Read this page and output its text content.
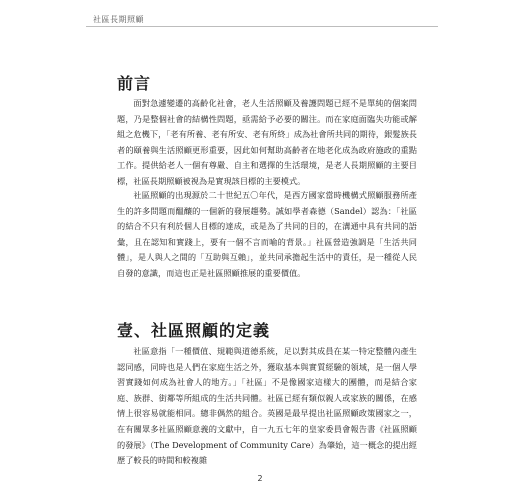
社區長期照顧
前言

面對急遽變遷的高齡化社會，老人生活照顧及養護問題已經不是單純的個案問題，乃是整個社會的結構性問題，亟需給予必要的關注。而在家庭面臨失功能或解組之危機下，「老有所養、老有所安、老有所終」成為社會所共同的期待，銀髮族長者的頤養與生活照顧更形重要，因此如何幫助高齡者在地老化成為政府施政的重點工作。提供給老人一個有尊嚴、自主和選擇的生活環境，是老人長期照顧的主要目標，社區長期照顧被視為是實現該目標的主要模式。

社區照顧的出現源於二十世紀五〇年代，是西方國家當時機構式照顧服務所產生的許多問題而醞釀的一個新的發展趨勢。誠如學者森德（Sandel）認為：「社區的結合不只有利於個人目標的達成，或是為了共同的目的，在溝通中具有共同的語彙，且在認知和實踐上，要有一個不言而喻的背景。」社區營造強調是「生活共同體」，是人與人之間的「互助與互賴」，並共同承擔起生活中的責任，是一種從人民自發的意識，而這也正是社區照顧推展的重要價值。

壹、社區照顧的定義

社區意指「一種價值、規範與道德系統，足以對其成員在某一特定整體內產生認同感，同時也是人們在家庭生活之外，獲取基本與實質經驗的領域，是一個人學習實踐如何成為社會人的地方。」「社區」不是像國家這樣大的團體，而是結合家庭、族群、街鄰等所組成的生活共同體。社區已經有類似親人或家族的關係，在感情上很容易就能相同。總非偶然的組合。英國是最早提出社區照顧政策國家之一，在有關眾多社區照顧意義的文獻中，自一九五七年的皇家委員會報告書《社區照顧的發展》（The Development of Community Care）為肇始，這一概念的提出經歷了較長的時間和較複雜

2
